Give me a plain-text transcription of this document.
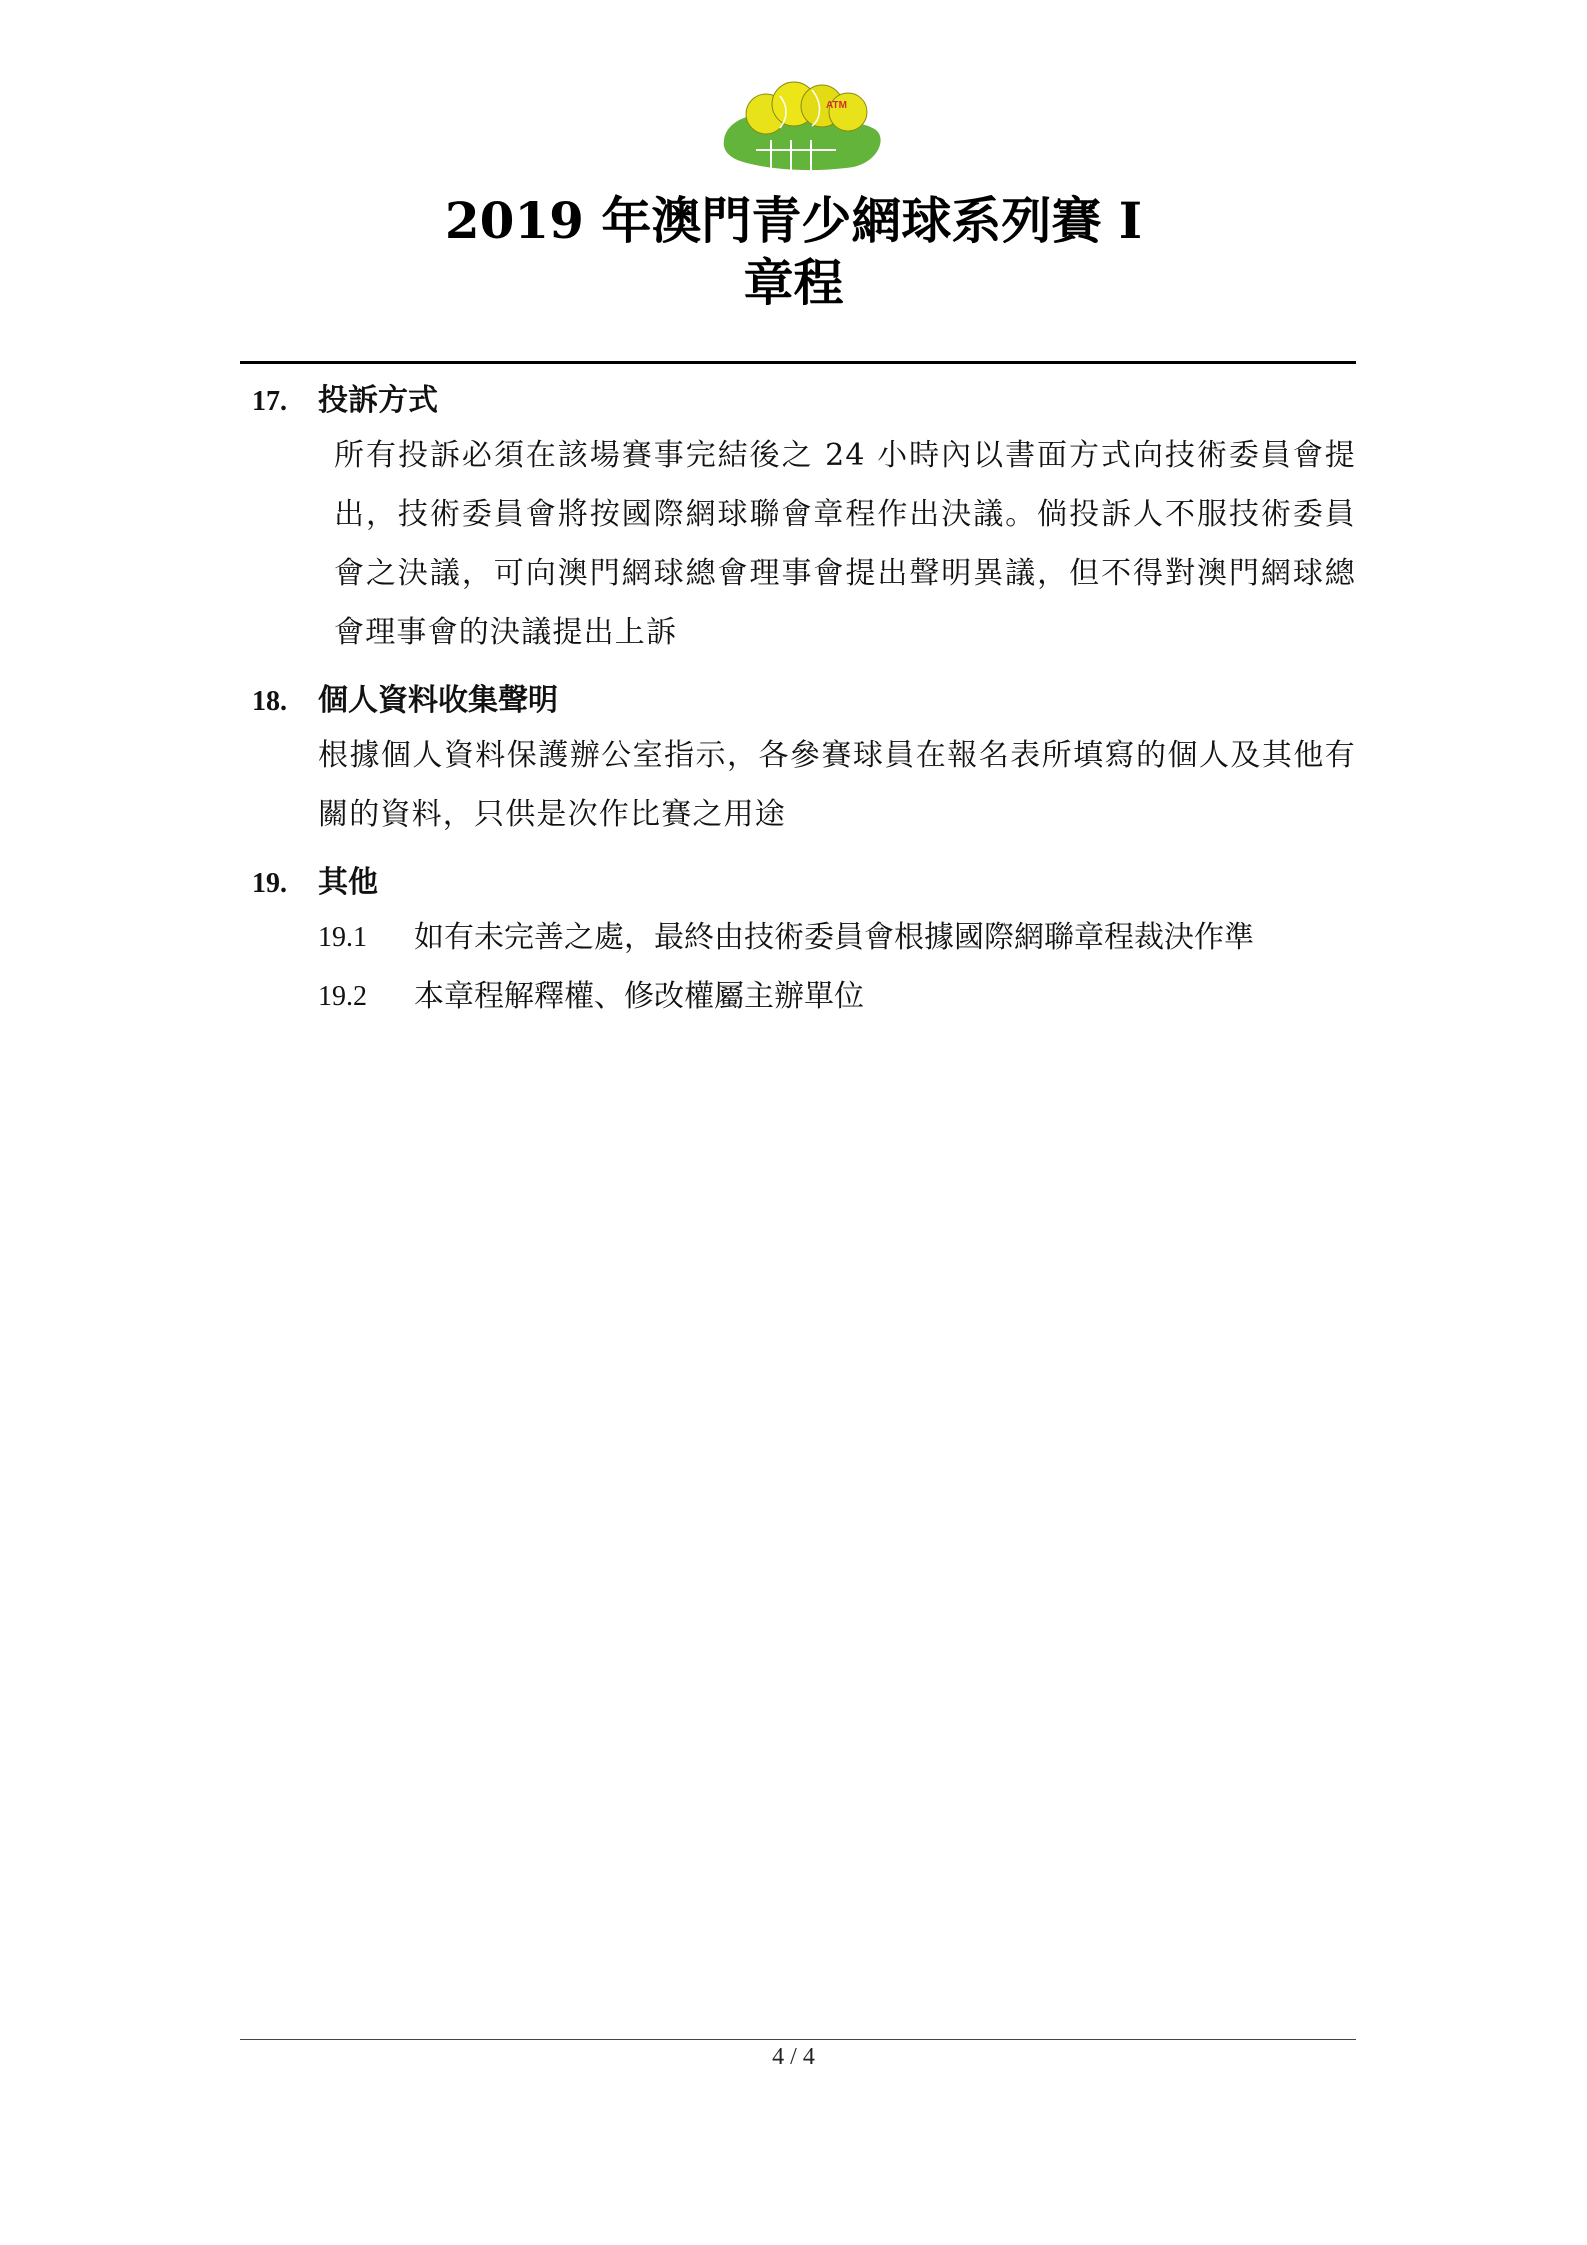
ATM
2019 年澳門青少網球系列賽 I
章程
17.	投訴方式
所有投訴必須在該場賽事完結後之 24 小時內以書面方式向技術委員會提出，技術委員會將按國際網球聯會章程作出決議。倘投訴人不服技術委員會之決議，可向澳門網球總會理事會提出聲明異議，但不得對澳門網球總會理事會的決議提出上訴
18.	個人資料收集聲明
根據個人資料保護辦公室指示，各參賽球員在報名表所填寫的個人及其他有關的資料，只供是次作比賽之用途
19.	其他
19.1	如有未完善之處，最終由技術委員會根據國際網聯章程裁決作準
19.2	本章程解釋權、修改權屬主辦單位
4 / 4
